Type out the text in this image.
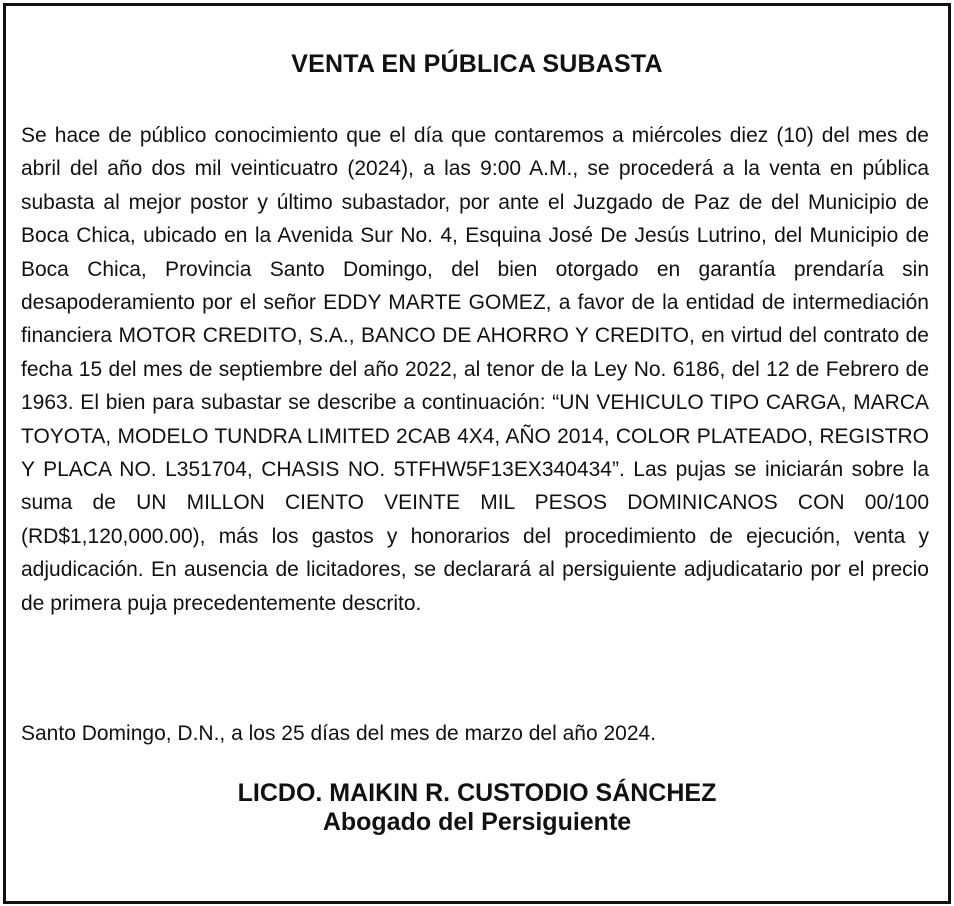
VENTA EN PÚBLICA SUBASTA

Se hace de público conocimiento que el día que contaremos a miércoles diez (10) del mes de abril del año dos mil veinticuatro (2024), a las 9:00 A.M., se procederá a la venta en pública subasta al mejor postor y último subastador, por ante el Juzgado de Paz de del Municipio de Boca Chica, ubicado en la Avenida Sur No. 4, Esquina José De Jesús Lutrino, del Municipio de Boca Chica, Provincia Santo Domingo, del bien otorgado en garantía prendaría sin desapoderamiento por el señor EDDY MARTE GOMEZ, a favor de la entidad de intermediación financiera MOTOR CREDITO, S.A., BANCO DE AHORRO Y CREDITO, en virtud del contrato de fecha 15 del mes de septiembre del año 2022, al tenor de la Ley No. 6186, del 12 de Febrero de 1963. El bien para subastar se describe a continuación: “UN VEHICULO TIPO CARGA, MARCA TOYOTA, MODELO TUNDRA LIMITED 2CAB 4X4, AÑO 2014, COLOR PLATEADO, REGISTRO Y PLACA NO. L351704, CHASIS NO. 5TFHW5F13EX340434”. Las pujas se iniciarán sobre la suma de UN MILLON CIENTO VEINTE MIL PESOS DOMINICANOS CON 00/100 (RD$1,120,000.00), más los gastos y honorarios del procedimiento de ejecución, venta y adjudicación. En ausencia de licitadores, se declarará al persiguiente adjudicatario por el precio de primera puja precedentemente descrito.

Santo Domingo, D.N., a los 25 días del mes de marzo del año 2024.

LICDO. MAIKIN R. CUSTODIO SÁNCHEZ
Abogado del Persiguiente
